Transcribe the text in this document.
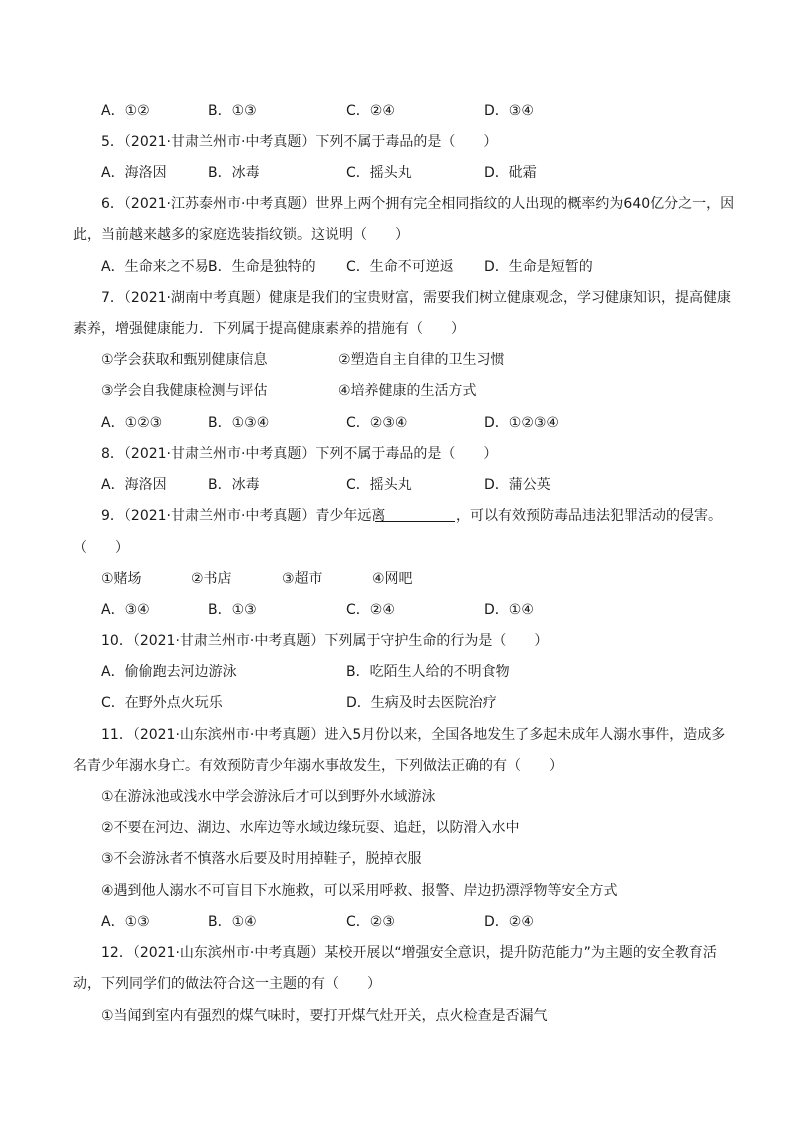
A．①②	B．①③	C．②④	D．③④
5．（2021·甘肃兰州市·中考真题）下列不属于毒品的是（　　）
A．海洛因	B．冰毒	C．摇头丸	D．砒霜
6．（2021·江苏泰州市·中考真题）世界上两个拥有完全相同指纹的人出现的概率约为640亿分之一，因
此，当前越来越多的家庭选装指纹锁。这说明（　　）
A．生命来之不易 B．生命是独特的 C．生命不可逆返 D．生命是短暂的
7．（2021·湖南中考真题）健康是我们的宝贵财富，需要我们树立健康观念，学习健康知识，提高健康
素养，增强健康能力．下列属于提高健康素养的措施有（　　）
①学会获取和甄别健康信息	②塑造自主自律的卫生习惯
③学会自我健康检测与评估	④培养健康的生活方式
A．①②③	B．①③④	C．②③④	D．①②③④
8．（2021·甘肃兰州市·中考真题）下列不属于毒品的是（　　）
A．海洛因	B．冰毒	C．摇头丸	D．蒲公英
9．（2021·甘肃兰州市·中考真题）青少年远离	，可以有效预防毒品违法犯罪活动的侵害。
（　　）
①赌场	②书店	③超市	④网吧
A．③④	B．①③	C．②④	D．①④
10．（2021·甘肃兰州市·中考真题）下列属于守护生命的行为是（　　）
A．偷偷跑去河边游泳	B．吃陌生人给的不明食物
C．在野外点火玩乐	D．生病及时去医院治疗
11．（2021·山东滨州市·中考真题）进入5月份以来，全国各地发生了多起未成年人溺水事件，造成多
名青少年溺水身亡。有效预防青少年溺水事故发生，下列做法正确的有（　　）
①在游泳池或浅水中学会游泳后才可以到野外水域游泳
②不要在河边、湖边、水库边等水域边缘玩耍、追赶，以防滑入水中
③不会游泳者不慎落水后要及时用掉鞋子，脱掉衣服
④遇到他人溺水不可盲目下水施救，可以采用呼救、报警、岸边扔漂浮物等安全方式
A．①③	B．①④	C．②③	D．②④
12．（2021·山东滨州市·中考真题）某校开展以“增强安全意识，提升防范能力”为主题的安全教育活
动，下列同学们的做法符合这一主题的有（　　）
①当闻到室内有强烈的煤气味时，要打开煤气灶开关，点火检查是否漏气
